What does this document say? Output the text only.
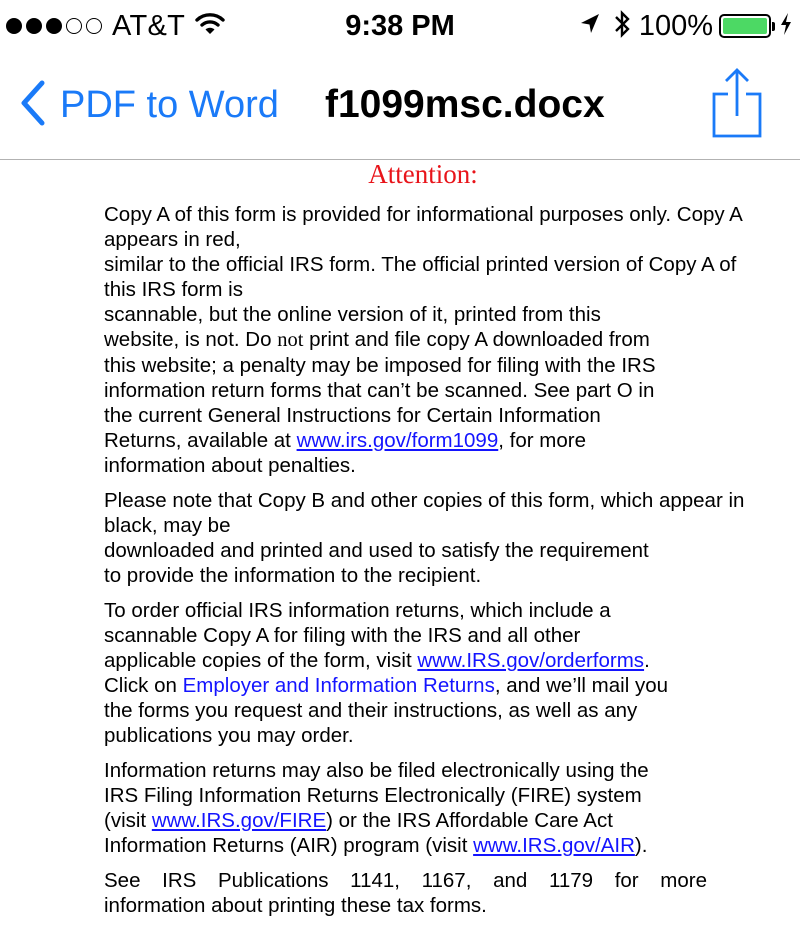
AT&T	9:38 PM	100%
PDF to Word f1099msc.docx
Attention:
Copy A of this form is provided for informational purposes only. Copy A
appears in red,
similar to the official IRS form. The official printed version of Copy A of
this IRS form is
scannable, but the online version of it, printed from this
website, is not. Do not print and file copy A downloaded from
this website; a penalty may be imposed for filing with the IRS
information return forms that can’t be scanned. See part O in
the current General Instructions for Certain Information
Returns, available at www.irs.gov/form1099, for more
information about penalties.
Please note that Copy B and other copies of this form, which appear in
black, may be
downloaded and printed and used to satisfy the requirement
to provide the information to the recipient.
To order official IRS information returns, which include a
scannable Copy A for filing with the IRS and all other
applicable copies of the form, visit www.IRS.gov/orderforms.
Click on Employer and Information Returns, and we’ll mail you
the forms you request and their instructions, as well as any
publications you may order.
Information returns may also be filed electronically using the
IRS Filing Information Returns Electronically (FIRE) system
(visit www.IRS.gov/FIRE) or the IRS Affordable Care Act
Information Returns (AIR) program (visit www.IRS.gov/AIR).
See IRS Publications 1141, 1167, and 1179 for more
information about printing these tax forms.
